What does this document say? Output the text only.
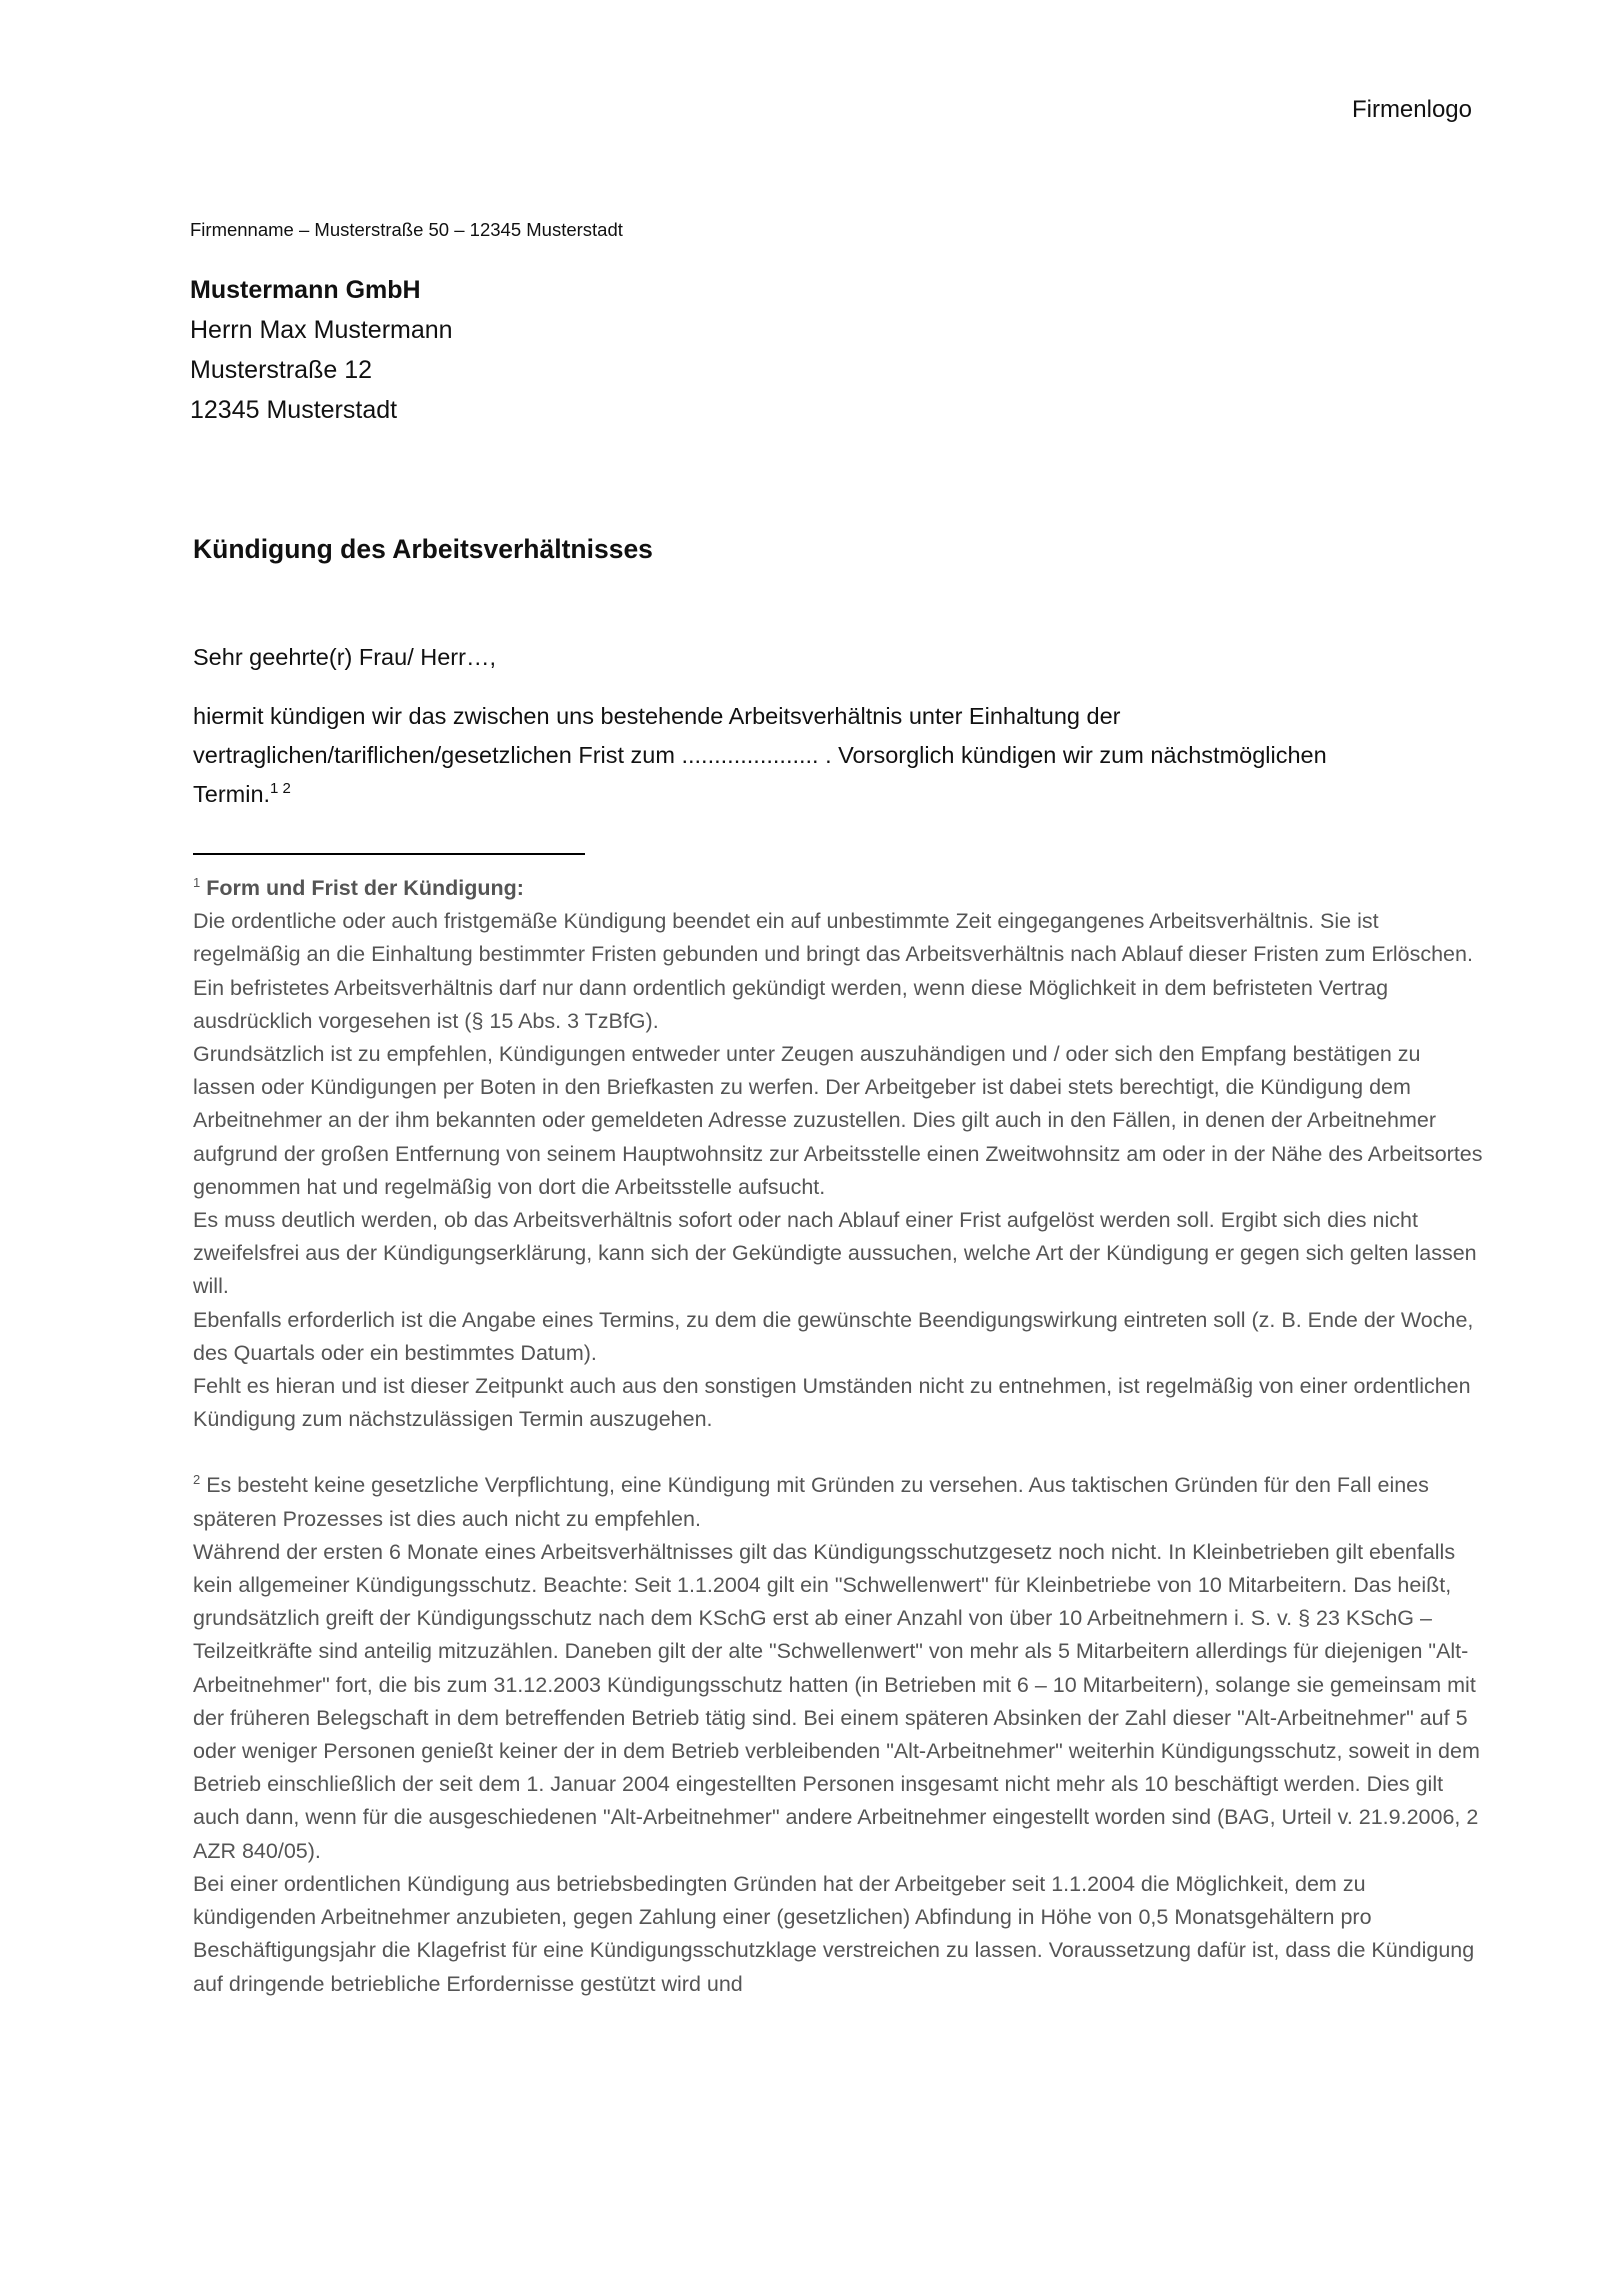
Firmenlogo
Firmenname – Musterstraße 50 – 12345 Musterstadt
Mustermann GmbH
Herrn Max Mustermann
Musterstraße 12
12345 Musterstadt
Kündigung des Arbeitsverhältnisses
Sehr geehrte(r) Frau/ Herr…,

hiermit kündigen wir das zwischen uns bestehende Arbeitsverhältnis unter Einhaltung der

vertraglichen/tariflichen/gesetzlichen Frist zum ..................... . Vorsorglich kündigen wir zum nächstmöglichen

Termin.$^{1 2}$

$^1$ Form und Frist der Kündigung:
Die ordentliche oder auch fristgemäße Kündigung beendet ein auf unbestimmte Zeit eingegangenes Arbeitsverhältnis. Sie ist regelmäßig an die Einhaltung bestimmter Fristen gebunden und bringt das Arbeitsverhältnis nach Ablauf dieser Fristen zum Erlöschen. Ein befristetes Arbeitsverhältnis darf nur dann ordentlich gekündigt werden, wenn diese Möglichkeit in dem befristeten Vertrag ausdrücklich vorgesehen ist (§ 15 Abs. 3 TzBfG).
Grundsätzlich ist zu empfehlen, Kündigungen entweder unter Zeugen auszuhändigen und / oder sich den Empfang bestätigen zu lassen oder Kündigungen per Boten in den Briefkasten zu werfen. Der Arbeitgeber ist dabei stets berechtigt, die Kündigung dem Arbeitnehmer an der ihm bekannten oder gemeldeten Adresse zuzustellen. Dies gilt auch in den Fällen, in denen der Arbeitnehmer aufgrund der großen Entfernung von seinem Hauptwohnsitz zur Arbeitsstelle einen Zweitwohnsitz am oder in der Nähe des Arbeitsortes genommen hat und regelmäßig von dort die Arbeitsstelle aufsucht.
Es muss deutlich werden, ob das Arbeitsverhältnis sofort oder nach Ablauf einer Frist aufgelöst werden soll. Ergibt sich dies nicht zweifelsfrei aus der Kündigungserklärung, kann sich der Gekündigte aussuchen, welche Art der Kündigung er gegen sich gelten lassen will.
Ebenfalls erforderlich ist die Angabe eines Termins, zu dem die gewünschte Beendigungswirkung eintreten soll (z. B. Ende der Woche, des Quartals oder ein bestimmtes Datum).
Fehlt es hieran und ist dieser Zeitpunkt auch aus den sonstigen Umständen nicht zu entnehmen, ist regelmäßig von einer ordentlichen Kündigung zum nächstzulässigen Termin auszugehen.
$^2$ Es besteht keine gesetzliche Verpflichtung, eine Kündigung mit Gründen zu versehen. Aus taktischen Gründen für den Fall eines späteren Prozesses ist dies auch nicht zu empfehlen.
Während der ersten 6 Monate eines Arbeitsverhältnisses gilt das Kündigungsschutzgesetz noch nicht. In Kleinbetrieben gilt ebenfalls kein allgemeiner Kündigungsschutz. Beachte: Seit 1.1.2004 gilt ein "Schwellenwert" für Kleinbetriebe von 10 Mitarbeitern. Das heißt, grundsätzlich greift der Kündigungsschutz nach dem KSchG erst ab einer Anzahl von über 10 Arbeitnehmern i. S. v. § 23 KSchG – Teilzeitkräfte sind anteilig mitzuzählen. Daneben gilt der alte "Schwellenwert" von mehr als 5 Mitarbeitern allerdings für diejenigen "Alt-Arbeitnehmer" fort, die bis zum 31.12.2003 Kündigungsschutz hatten (in Betrieben mit 6 – 10 Mitarbeitern), solange sie gemeinsam mit der früheren Belegschaft in dem betreffenden Betrieb tätig sind. Bei einem späteren Absinken der Zahl dieser "Alt-Arbeitnehmer" auf 5 oder weniger Personen genießt keiner der in dem Betrieb verbleibenden "Alt-Arbeitnehmer" weiterhin Kündigungsschutz, soweit in dem Betrieb einschließlich der seit dem 1. Januar 2004 eingestellten Personen insgesamt nicht mehr als 10 beschäftigt werden. Dies gilt auch dann, wenn für die ausgeschiedenen "Alt-Arbeitnehmer" andere Arbeitnehmer eingestellt worden sind (BAG, Urteil v. 21.9.2006, 2 AZR 840/05).
Bei einer ordentlichen Kündigung aus betriebsbedingten Gründen hat der Arbeitgeber seit 1.1.2004 die Möglichkeit, dem zu kündigenden Arbeitnehmer anzubieten, gegen Zahlung einer (gesetzlichen) Abfindung in Höhe von 0,5 Monatsgehältern pro Beschäftigungsjahr die Klagefrist für eine Kündigungsschutzklage verstreichen zu lassen. Voraussetzung dafür ist, dass die Kündigung auf dringende betriebliche Erfordernisse gestützt wird und
